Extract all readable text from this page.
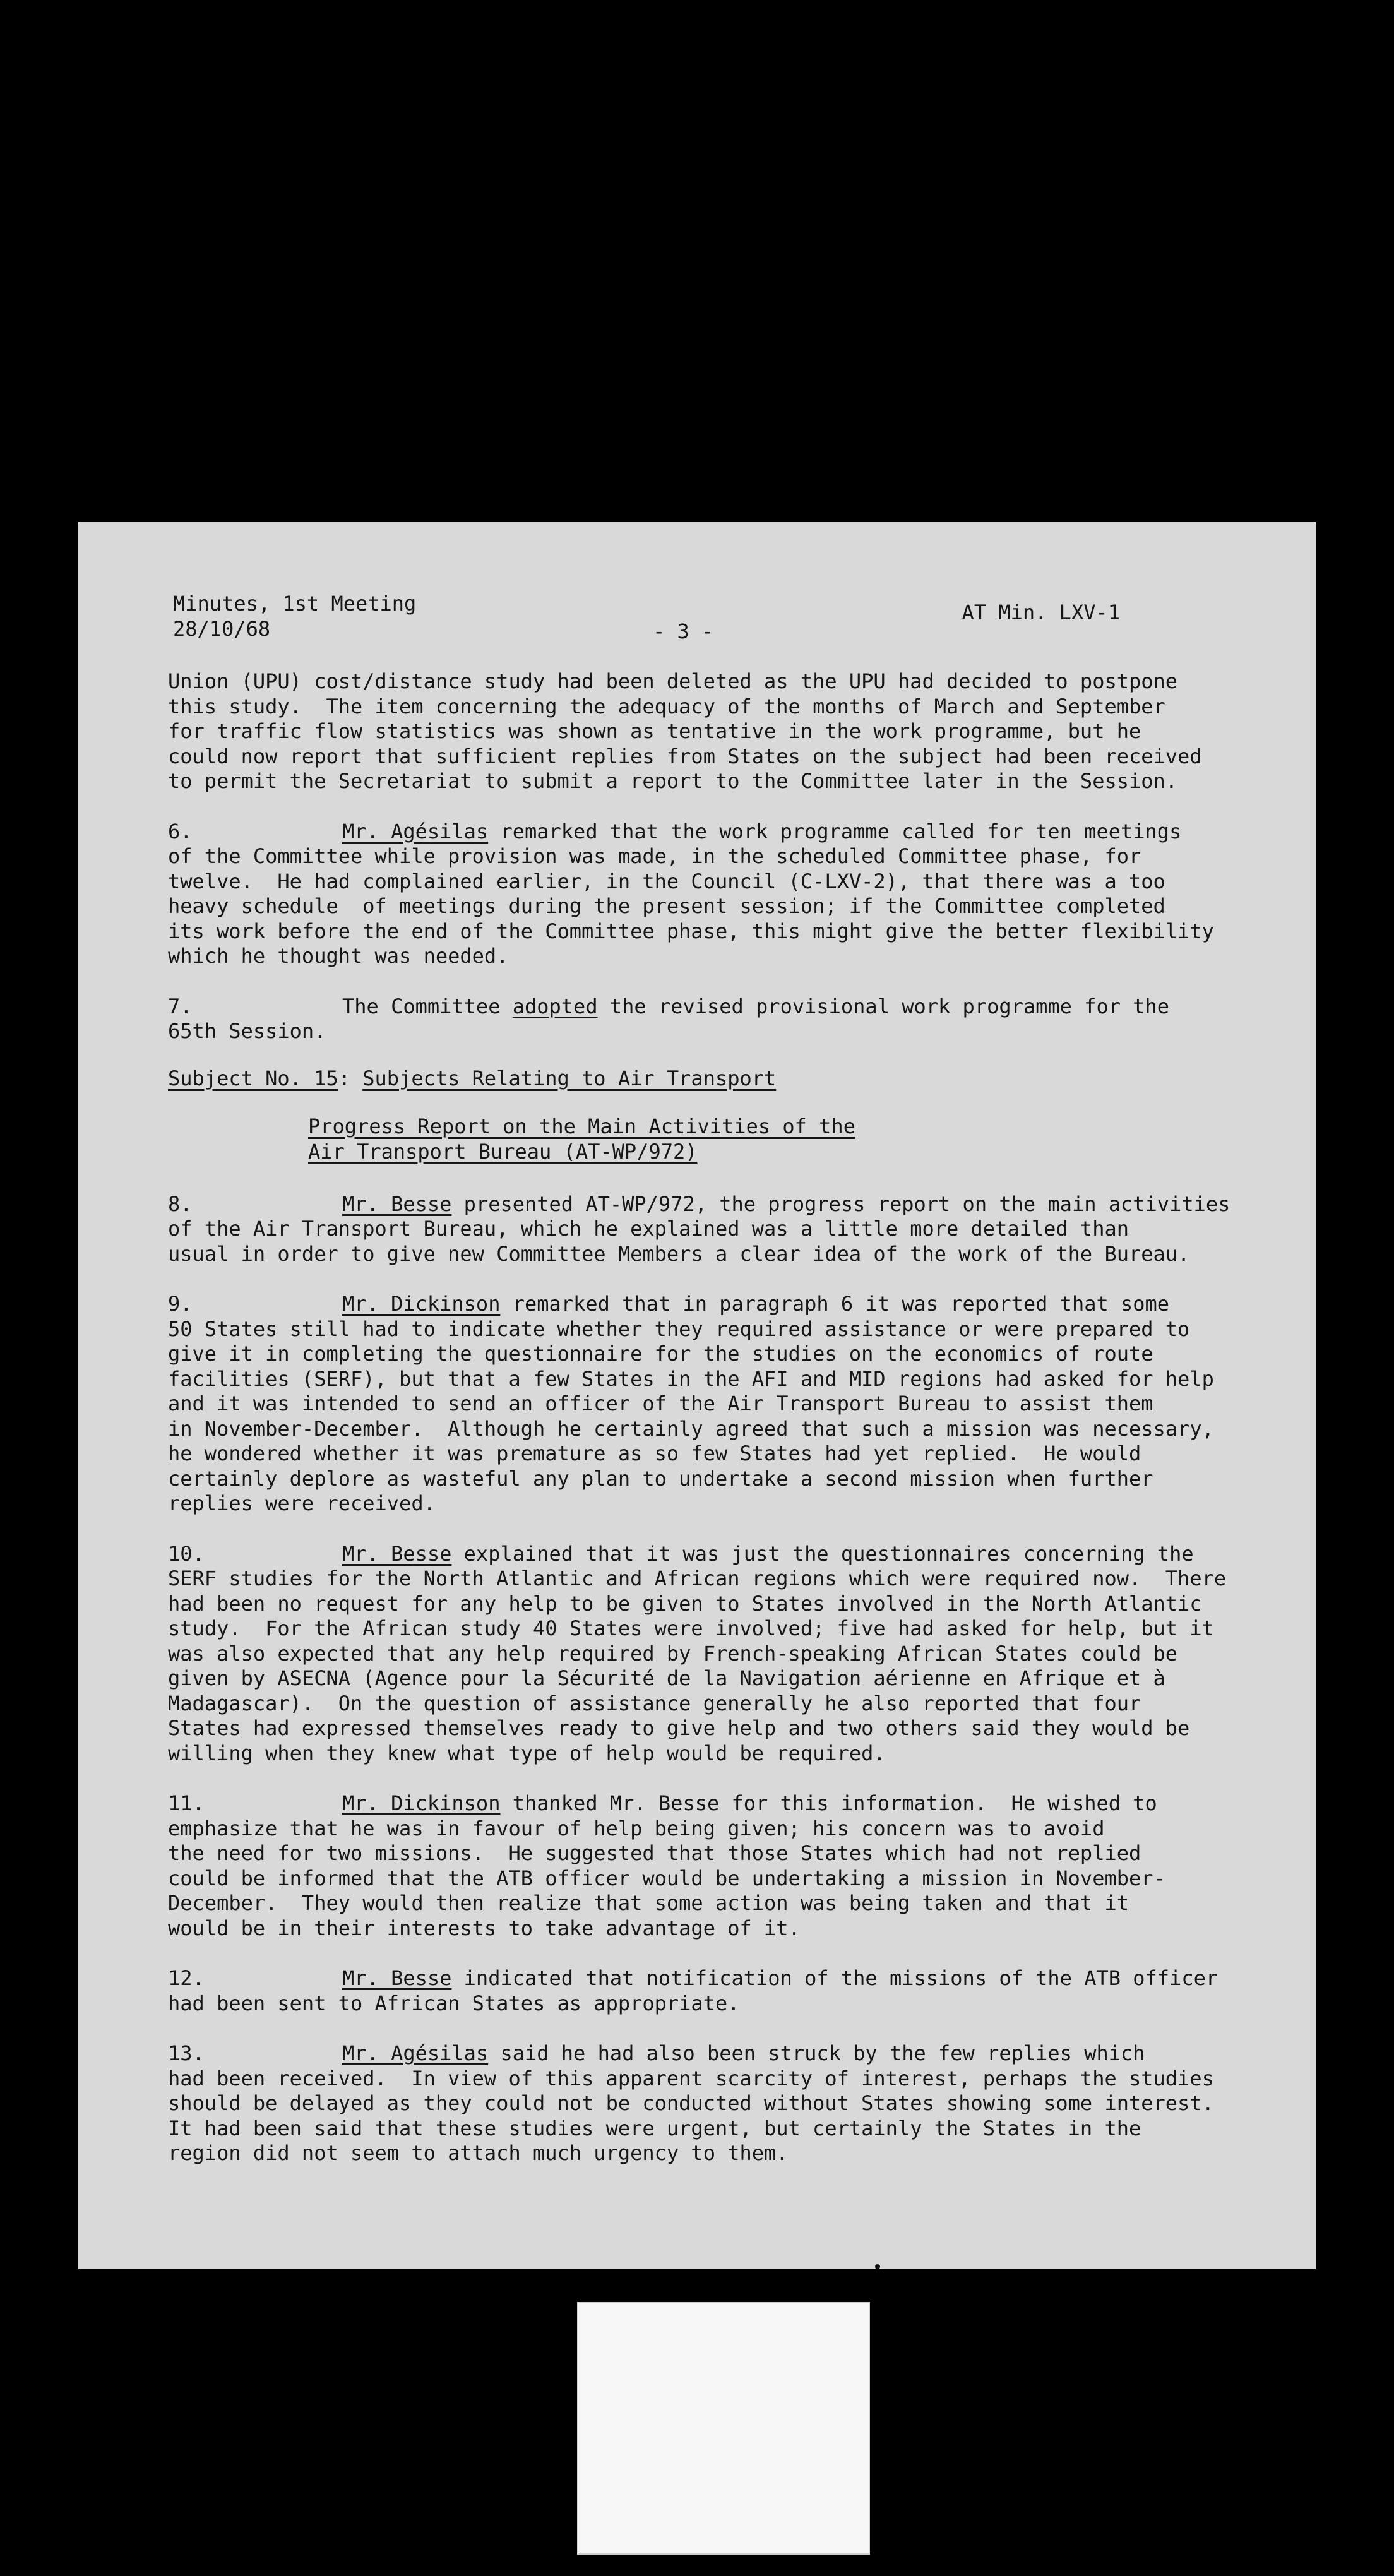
Minutes, 1st Meeting
28/10/68	- 3 -
AT Min. LXV-1

Union (UPU) cost/distance study had been deleted as the UPU had decided to postpone
this study.  The item concerning the adequacy of the months of March and September
for traffic flow statistics was shown as tentative in the work programme, but he
could now report that sufficient replies from States on the subject had been received
to permit the Secretariat to submit a report to the Committee later in the Session.

6.	Mr. Agésilas remarked that the work programme called for ten meetings
of the Committee while provision was made, in the scheduled Committee phase, for
twelve.  He had complained earlier, in the Council (C-LXV-2), that there was a too
heavy schedule  of meetings during the present session; if the Committee completed
its work before the end of the Committee phase, this might give the better flexibility
which he thought was needed.

7.	The Committee adopted the revised provisional work programme for the
65th Session.

Subject No. 15: Subjects Relating to Air Transport
Progress Report on the Main Activities of the
Air Transport Bureau (AT-WP/972)

8.	Mr. Besse presented AT-WP/972, the progress report on the main activities
of the Air Transport Bureau, which he explained was a little more detailed than
usual in order to give new Committee Members a clear idea of the work of the Bureau.

9.	Mr. Dickinson remarked that in paragraph 6 it was reported that some
50 States still had to indicate whether they required assistance or were prepared to
give it in completing the questionnaire for the studies on the economics of route
facilities (SERF), but that a few States in the AFI and MID regions had asked for help
and it was intended to send an officer of the Air Transport Bureau to assist them
in November-December.  Although he certainly agreed that such a mission was necessary,
he wondered whether it was premature as so few States had yet replied.  He would
certainly deplore as wasteful any plan to undertake a second mission when further
replies were received.

10.	Mr. Besse explained that it was just the questionnaires concerning the
SERF studies for the North Atlantic and African regions which were required now.  There
had been no request for any help to be given to States involved in the North Atlantic
study.  For the African study 40 States were involved; five had asked for help, but it
was also expected that any help required by French-speaking African States could be
given by ASECNA (Agence pour la Sécurité de la Navigation aérienne en Afrique et à
Madagascar).  On the question of assistance generally he also reported that four
States had expressed themselves ready to give help and two others said they would be
willing when they knew what type of help would be required.

11.	Mr. Dickinson thanked Mr. Besse for this information.  He wished to
emphasize that he was in favour of help being given; his concern was to avoid
the need for two missions.  He suggested that those States which had not replied
could be informed that the ATB officer would be undertaking a mission in November-
December.  They would then realize that some action was being taken and that it
would be in their interests to take advantage of it.

12.	Mr. Besse indicated that notification of the missions of the ATB officer
had been sent to African States as appropriate.

13.	Mr. Agésilas said he had also been struck by the few replies which
had been received.  In view of this apparent scarcity of interest, perhaps the studies
should be delayed as they could not be conducted without States showing some interest.
It had been said that these studies were urgent, but certainly the States in the
region did not seem to attach much urgency to them.
